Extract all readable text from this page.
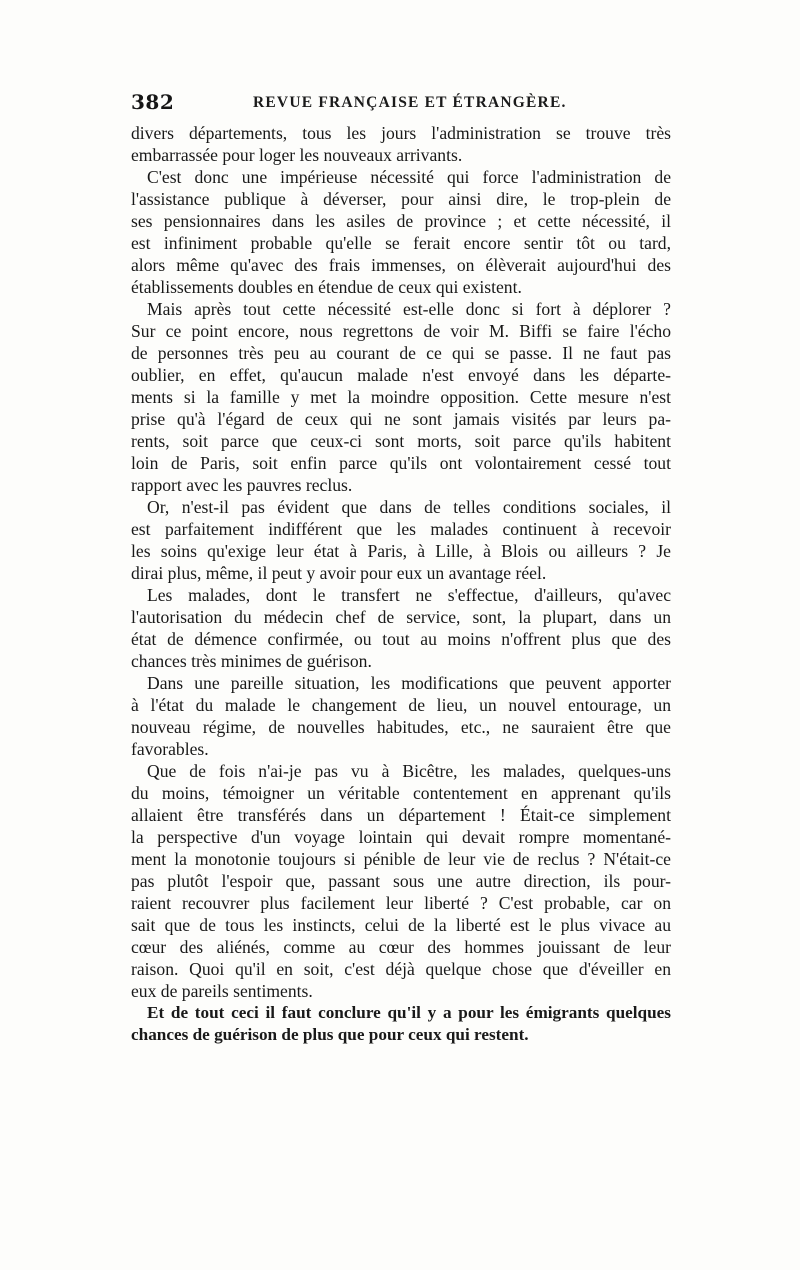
382	REVUE FRANÇAISE ET ÉTRANGÈRE.
divers départements, tous les jours l'administration se trouve très
embarrassée pour loger les nouveaux arrivants.
C'est donc une impérieuse nécessité qui force l'administration de
l'assistance publique à déverser, pour ainsi dire, le trop-plein de
ses pensionnaires dans les asiles de province ; et cette nécessité, il
est infiniment probable qu'elle se ferait encore sentir tôt ou tard,
alors même qu'avec des frais immenses, on élèverait aujourd'hui des
établissements doubles en étendue de ceux qui existent.
Mais après tout cette nécessité est-elle donc si fort à déplorer ?
Sur ce point encore, nous regrettons de voir M. Biffi se faire l'écho
de personnes très peu au courant de ce qui se passe. Il ne faut pas
oublier, en effet, qu'aucun malade n'est envoyé dans les départe-
ments si la famille y met la moindre opposition. Cette mesure n'est
prise qu'à l'égard de ceux qui ne sont jamais visités par leurs pa-
rents, soit parce que ceux-ci sont morts, soit parce qu'ils habitent
loin de Paris, soit enfin parce qu'ils ont volontairement cessé tout
rapport avec les pauvres reclus.
Or, n'est-il pas évident que dans de telles conditions sociales, il
est parfaitement indifférent que les malades continuent à recevoir
les soins qu'exige leur état à Paris, à Lille, à Blois ou ailleurs ? Je
dirai plus, même, il peut y avoir pour eux un avantage réel.
Les malades, dont le transfert ne s'effectue, d'ailleurs, qu'avec
l'autorisation du médecin chef de service, sont, la plupart, dans un
état de démence confirmée, ou tout au moins n'offrent plus que des
chances très minimes de guérison.
Dans une pareille situation, les modifications que peuvent apporter
à l'état du malade le changement de lieu, un nouvel entourage, un
nouveau régime, de nouvelles habitudes, etc., ne sauraient être que
favorables.
Que de fois n'ai-je pas vu à Bicêtre, les malades, quelques-uns
du moins, témoigner un véritable contentement en apprenant qu'ils
allaient être transférés dans un département ! Était-ce simplement
la perspective d'un voyage lointain qui devait rompre momentané-
ment la monotonie toujours si pénible de leur vie de reclus ? N'était-ce
pas plutôt l'espoir que, passant sous une autre direction, ils pour-
raient recouvrer plus facilement leur liberté ? C'est probable, car on
sait que de tous les instincts, celui de la liberté est le plus vivace au
cœur des aliénés, comme au cœur des hommes jouissant de leur
raison. Quoi qu'il en soit, c'est déjà quelque chose que d'éveiller en
eux de pareils sentiments.
Et de tout ceci il faut conclure qu'il y a pour les émigrants quelques
chances de guérison de plus que pour ceux qui restent.
